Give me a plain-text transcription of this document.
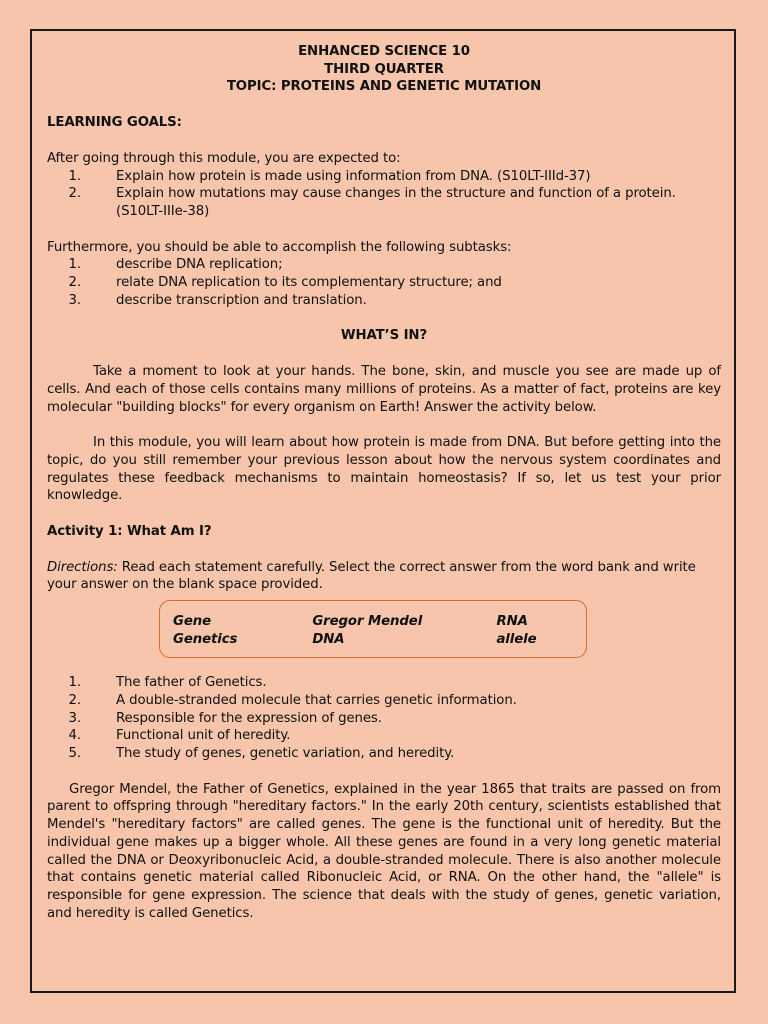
ENHANCED SCIENCE 10
THIRD QUARTER
TOPIC: PROTEINS AND GENETIC MUTATION
LEARNING GOALS:
After going through this module, you are expected to:
1.	Explain how protein is made using information from DNA. (S10LT-IIId-37)
2.	Explain how mutations may cause changes in the structure and function of a protein. (S10LT-IIIe-38)
Furthermore, you should be able to accomplish the following subtasks:
1.	describe DNA replication;
2.	relate DNA replication to its complementary structure; and
3.	describe transcription and translation.
WHAT’S IN?
Take a moment to look at your hands. The bone, skin, and muscle you see are made up of cells. And each of those cells contains many millions of proteins. As a matter of fact, proteins are key molecular "building blocks" for every organism on Earth! Answer the activity below.
In this module, you will learn about how protein is made from DNA. But before getting into the topic, do you still remember your previous lesson about how the nervous system coordinates and regulates these feedback mechanisms to maintain homeostasis? If so, let us test your prior knowledge.
Activity 1: What Am I?
Directions: Read each statement carefully. Select the correct answer from the word bank and write your answer on the blank space provided.
Gene	Gregor Mendel	RNA
Genetics	DNA	allele
1.	The father of Genetics.
2.	A double-stranded molecule that carries genetic information.
3.	Responsible for the expression of genes.
4.	Functional unit of heredity.
5.	The study of genes, genetic variation, and heredity.
Gregor Mendel, the Father of Genetics, explained in the year 1865 that traits are passed on from parent to offspring through "hereditary factors." In the early 20th century, scientists established that Mendel's "hereditary factors" are called genes. The gene is the functional unit of heredity. But the individual gene makes up a bigger whole. All these genes are found in a very long genetic material called the DNA or Deoxyribonucleic Acid, a double-stranded molecule. There is also another molecule that contains genetic material called Ribonucleic Acid, or RNA. On the other hand, the "allele" is responsible for gene expression. The science that deals with the study of genes, genetic variation, and heredity is called Genetics.
